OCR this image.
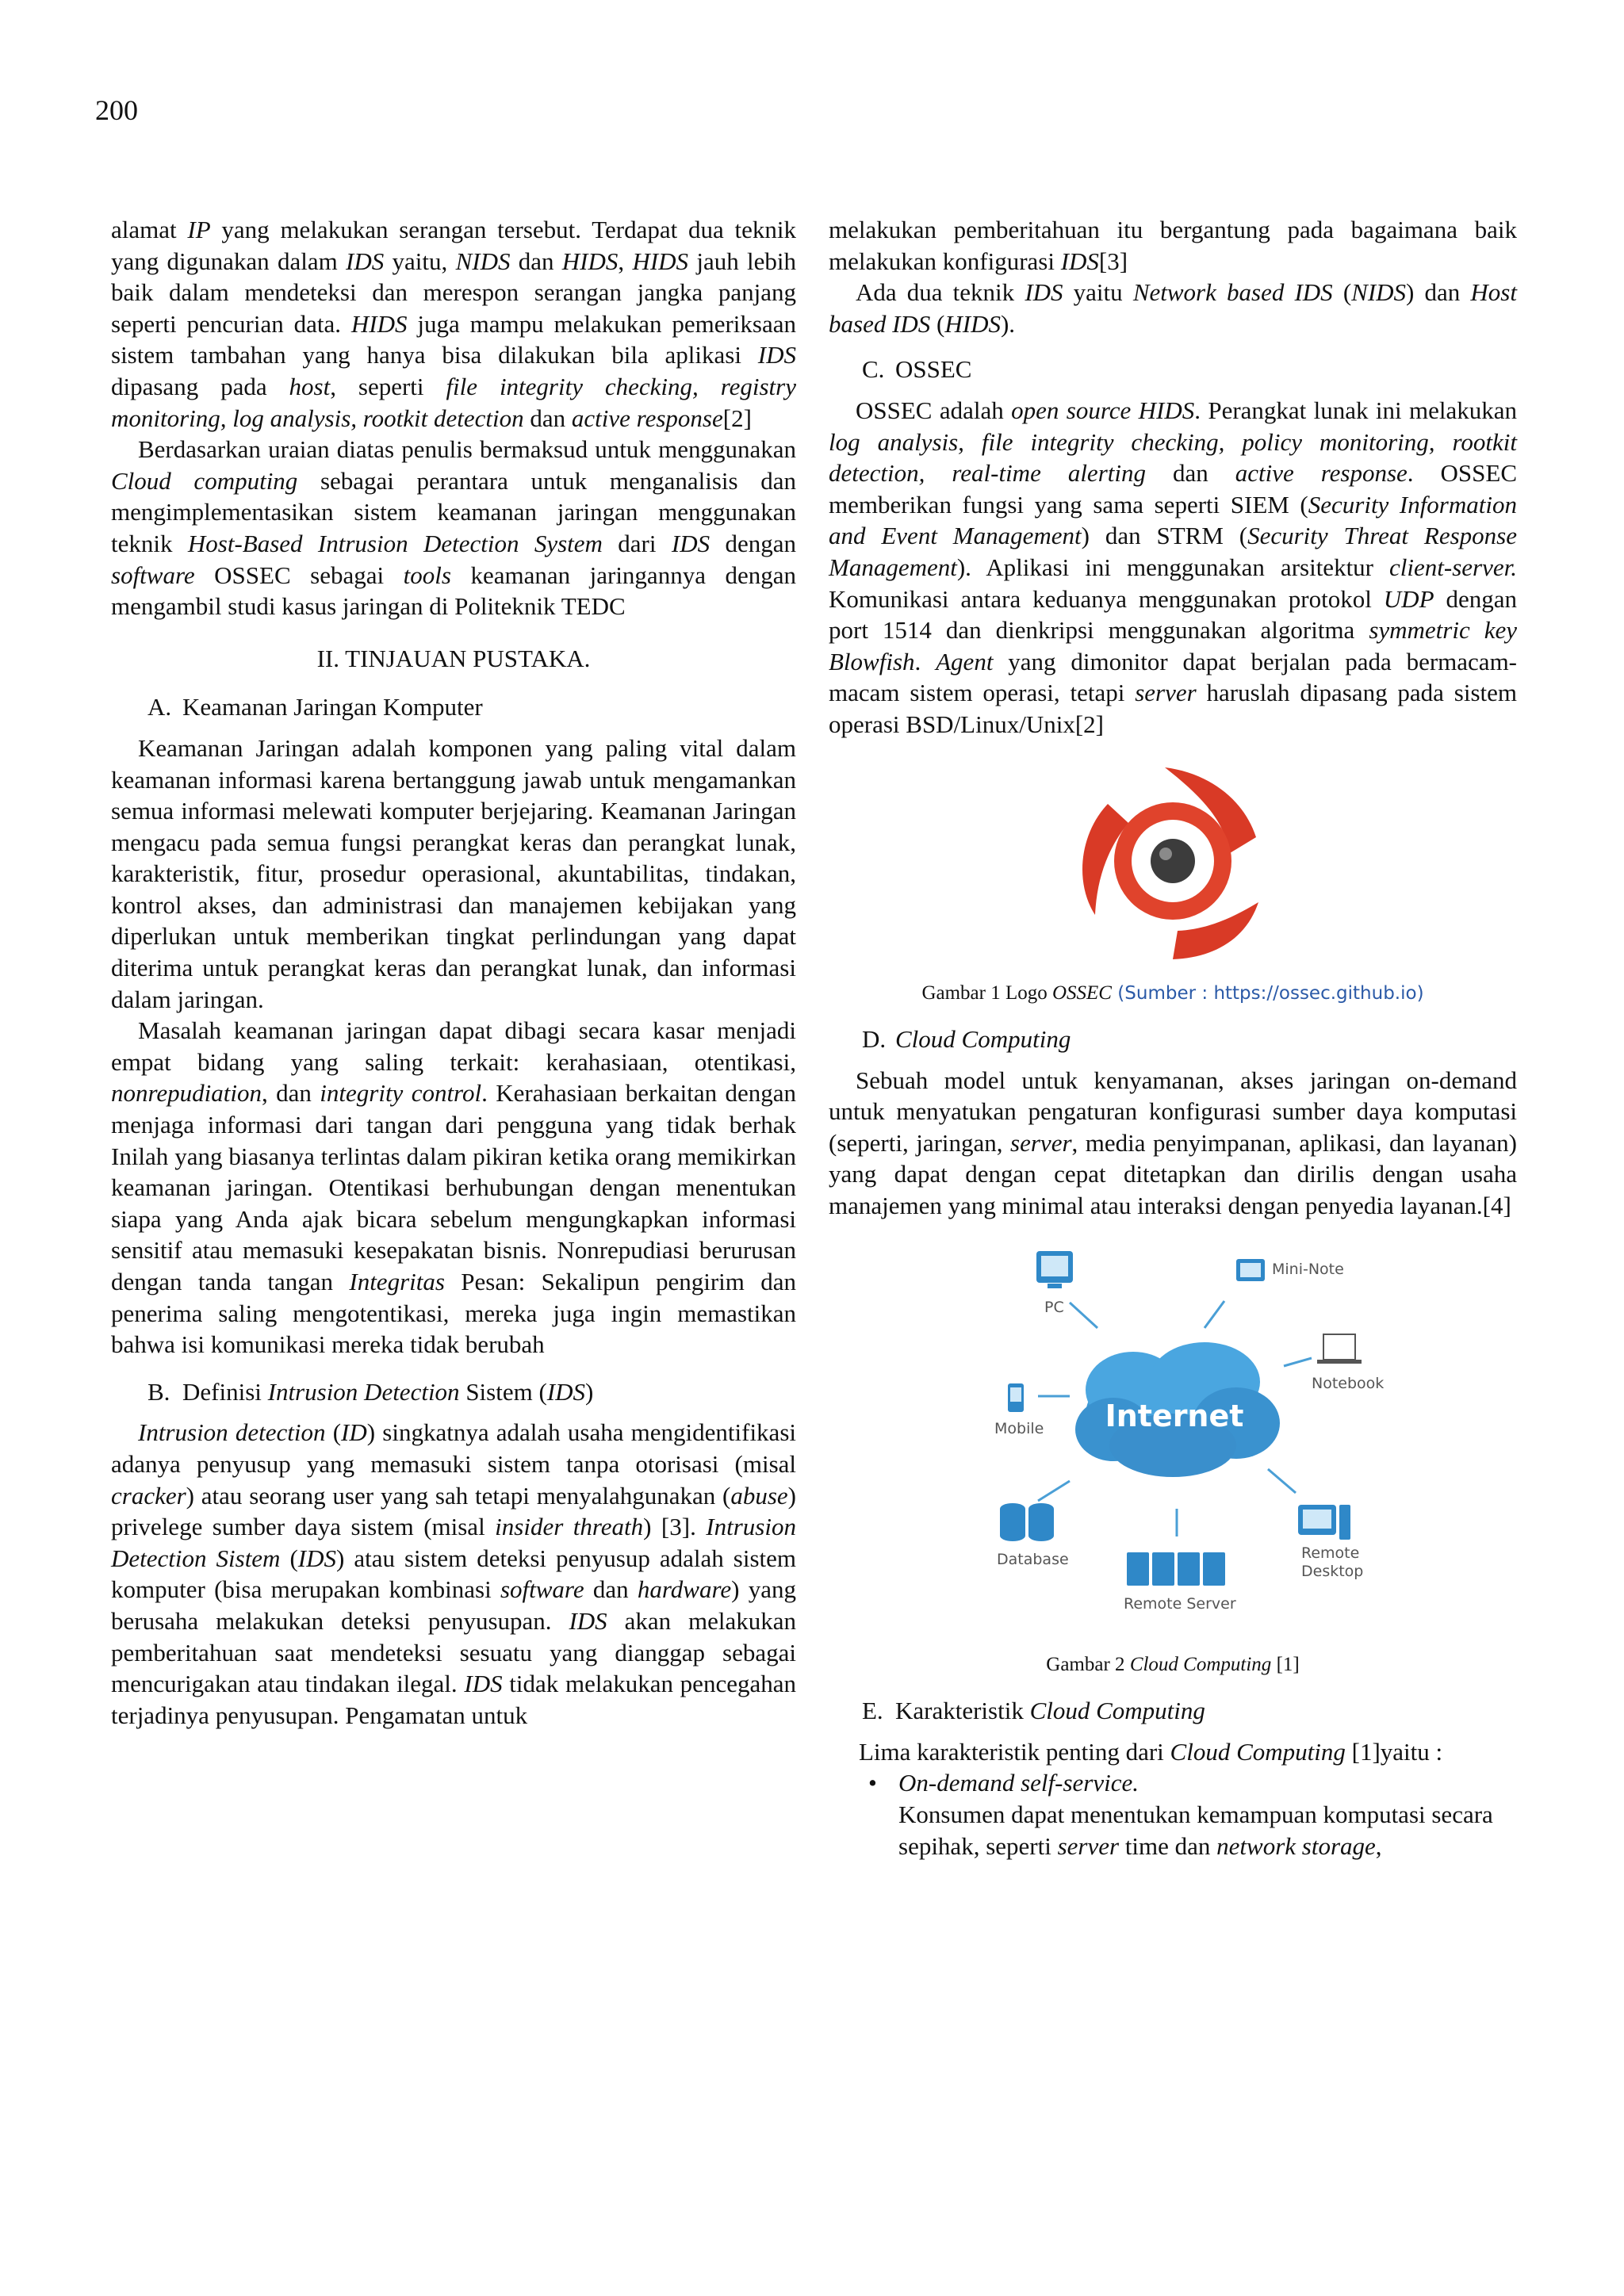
200

alamat IP yang melakukan serangan tersebut. Terdapat dua teknik yang digunakan dalam IDS yaitu, NIDS dan HIDS, HIDS jauh lebih baik dalam mendeteksi dan merespon serangan jangka panjang seperti pencurian data. HIDS juga mampu melakukan pemeriksaan sistem tambahan yang hanya bisa dilakukan bila aplikasi IDS dipasang pada host, seperti file integrity checking, registry monitoring, log analysis, rootkit detection dan active response[2]

Berdasarkan uraian diatas penulis bermaksud untuk menggunakan Cloud computing sebagai perantara untuk menganalisis dan mengimplementasikan sistem keamanan jaringan menggunakan teknik Host-Based Intrusion Detection System dari IDS dengan software OSSEC sebagai tools keamanan jaringannya dengan mengambil studi kasus jaringan di Politeknik TEDC

II. TINJAUAN PUSTAKA.
A. Keamanan Jaringan Komputer

Keamanan Jaringan adalah komponen yang paling vital dalam keamanan informasi karena bertanggung jawab untuk mengamankan semua informasi melewati komputer berjejaring. Keamanan Jaringan mengacu pada semua fungsi perangkat keras dan perangkat lunak, karakteristik, fitur, prosedur operasional, akuntabilitas, tindakan, kontrol akses, dan administrasi dan manajemen kebijakan yang diperlukan untuk memberikan tingkat perlindungan yang dapat diterima untuk perangkat keras dan perangkat lunak, dan informasi dalam jaringan.

Masalah keamanan jaringan dapat dibagi secara kasar menjadi empat bidang yang saling terkait: kerahasiaan, otentikasi, nonrepudiation, dan integrity control. Kerahasiaan berkaitan dengan menjaga informasi dari tangan dari pengguna yang tidak berhak Inilah yang biasanya terlintas dalam pikiran ketika orang memikirkan keamanan jaringan. Otentikasi berhubungan dengan menentukan siapa yang Anda ajak bicara sebelum mengungkapkan informasi sensitif atau memasuki kesepakatan bisnis. Nonrepudiasi berurusan dengan tanda tangan Integritas Pesan: Sekalipun pengirim dan penerima saling mengotentikasi, mereka juga ingin memastikan bahwa isi komunikasi mereka tidak berubah

B. Definisi Intrusion Detection Sistem (IDS)

Intrusion detection (ID) singkatnya adalah usaha mengidentifikasi adanya penyusup yang memasuki sistem tanpa otorisasi (misal cracker) atau seorang user yang sah tetapi menyalahgunakan (abuse) privelege sumber daya sistem (misal insider threath) [3]. Intrusion Detection Sistem (IDS) atau sistem deteksi penyusup adalah sistem komputer (bisa merupakan kombinasi software dan hardware) yang berusaha melakukan deteksi penyusupan. IDS akan melakukan pemberitahuan saat mendeteksi sesuatu yang dianggap sebagai mencurigakan atau tindakan ilegal. IDS tidak melakukan pencegahan terjadinya penyusupan. Pengamatan untuk

melakukan pemberitahuan itu bergantung pada bagaimana baik melakukan konfigurasi IDS[3]

Ada dua teknik IDS yaitu Network based IDS (NIDS) dan Host based IDS (HIDS).

C. OSSEC

OSSEC adalah open source HIDS. Perangkat lunak ini melakukan log analysis, file integrity checking, policy monitoring, rootkit detection, real-time alerting dan active response. OSSEC memberikan fungsi yang sama seperti SIEM (Security Information and Event Management) dan STRM (Security Threat Response Management). Aplikasi ini menggunakan arsitektur client-server. Komunikasi antara keduanya menggunakan protokol UDP dengan port 1514 dan dienkripsi menggunakan algoritma symmetric key Blowfish. Agent yang dimonitor dapat berjalan pada bermacam-macam sistem operasi, tetapi server haruslah dipasang pada sistem operasi BSD/Linux/Unix[2]

Gambar 1 Logo OSSEC (Sumber : https://ossec.github.io)
D. Cloud Computing

Sebuah model untuk kenyamanan, akses jaringan on-demand untuk menyatukan pengaturan konfigurasi sumber daya komputasi (seperti, jaringan, server, media penyimpanan, aplikasi, dan layanan) yang dapat dengan cepat ditetapkan dan dirilis dengan usaha manajemen yang minimal atau interaksi dengan penyedia layanan.[4]

Internet
PC
Mini-Note
Notebook
Mobile
Database
Remote Server
Remote
Desktop
Gambar 2 Cloud Computing [1]
E. Karakteristik Cloud Computing

Lima karakteristik penting dari Cloud Computing [1]yaitu :

• On-demand self-service.

Konsumen dapat menentukan kemampuan komputasi secara sepihak, seperti server time dan network storage,
